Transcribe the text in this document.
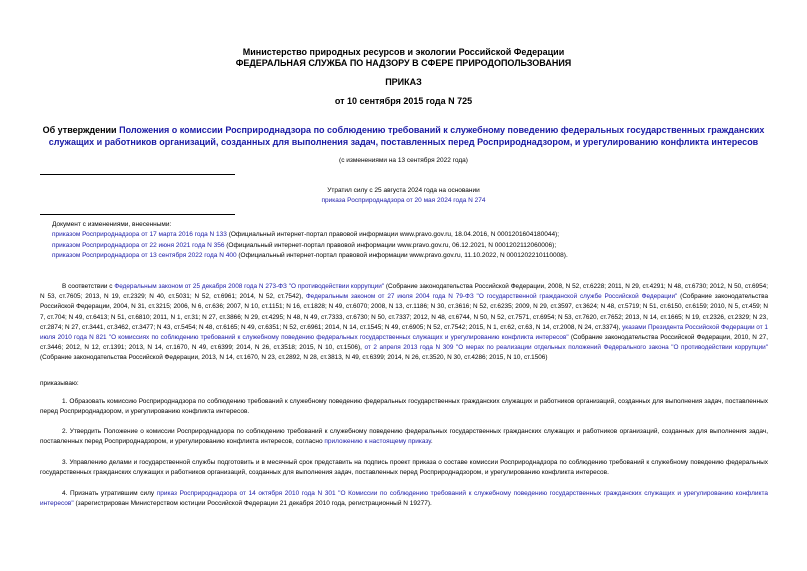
Министерство природных ресурсов и экологии Российской Федерации
ФЕДЕРАЛЬНАЯ СЛУЖБА ПО НАДЗОРУ В СФЕРЕ ПРИРОДОПОЛЬЗОВАНИЯ
ПРИКАЗ
от 10 сентября 2015 года N 725
Об утверждении Положения о комиссии Росприроднадзора по соблюдению требований к служебному поведению федеральных государственных гражданских служащих и работников организаций, созданных для выполнения задач, поставленных перед Росприроднадзором, и урегулированию конфликта интересов
(с изменениями на 13 сентября 2022 года)
Утратил силу с 25 августа 2024 года на основании
приказа Росприроднадзора от 20 мая 2024 года N 274
Документ с изменениями, внесенными:
приказом Росприроднадзора от 17 марта 2016 года N 133 (Официальный интернет-портал правовой информации www.pravo.gov.ru, 18.04.2016, N 0001201604180044);
приказом Росприроднадзора от 22 июня 2021 года N 356 (Официальный интернет-портал правовой информации www.pravo.gov.ru, 06.12.2021, N 0001202112060006);
приказом Росприроднадзора от 13 сентября 2022 года N 400 (Официальный интернет-портал правовой информации www.pravo.gov.ru, 11.10.2022, N 0001202210110008).
В соответствии с Федеральным законом от 25 декабря 2008 года N 273-ФЗ "О противодействии коррупции" (Собрание законодательства Российской Федерации, 2008, N 52, ст.6228; 2011, N 29, ст.4291; N 48, ст.6730; 2012, N 50, ст.6954; N 53, ст.7605; 2013, N 19, ст.2329; N 40, ст.5031; N 52, ст.6961; 2014, N 52, ст.7542), Федеральным законом от 27 июля 2004 года N 79-ФЗ "О государственной гражданской службе Российской Федерации" (Собрание законодательства Российской Федерации, 2004, N 31, ст.3215; 2006, N 6, ст.636; 2007, N 10, ст.1151; N 16, ст.1828; N 49, ст.6070; 2008, N 13, ст.1186; N 30, ст.3616; N 52, ст.6235; 2009, N 29, ст.3597, ст.3624; N 48, ст.5719; N 51, ст.6150, ст.6159; 2010, N 5, ст.459; N 7, ст.704; N 49, ст.6413; N 51, ст.6810; 2011, N 1, ст.31; N 27, ст.3866; N 29, ст.4295; N 48, N 49, ст.7333, ст.6730; N 50, ст.7337; 2012, N 48, ст.6744, N 50, N 52, ст.7571, ст.6954; N 53, ст.7620, ст.7652; 2013, N 14, ст.1665; N 19, ст.2326, ст.2329; N 23, ст.2874; N 27, ст.3441, ст.3462, ст.3477; N 43, ст.5454; N 48, ст.6165; N 49, ст.6351; N 52, ст.6961; 2014, N 14, ст.1545; N 49, ст.6905; N 52, ст.7542; 2015, N 1, ст.62, ст.63, N 14, ст.2008, N 24, ст.3374), указами Президента Российской Федерации от 1 июля 2010 года N 821 "О комиссиях по соблюдению требований к служебному поведению федеральных государственных служащих и урегулированию конфликта интересов" (Собрание законодательства Российской Федерации, 2010, N 27, ст.3446; 2012, N 12, ст.1391; 2013, N 14, ст.1670, N 49, ст.6399; 2014, N 26, ст.3518; 2015, N 10, ст.1506), от 2 апреля 2013 года N 309 "О мерах по реализации отдельных положений Федерального закона "О противодействии коррупции" (Собрание законодательства Российской Федерации, 2013, N 14, ст.1670, N 23, ст.2892, N 28, ст.3813, N 49, ст.6399; 2014, N 26, ст.3520, N 30, ст.4286; 2015, N 10, ст.1506)
приказываю:
1. Образовать комиссию Росприроднадзора по соблюдению требований к служебному поведению федеральных государственных гражданских служащих и работников организаций, созданных для выполнения задач, поставленных перед Росприроднадзором, и урегулированию конфликта интересов.
2. Утвердить Положение о комиссии Росприроднадзора по соблюдению требований к служебному поведению федеральных государственных гражданских служащих и работников организаций, созданных для выполнения задач, поставленных перед Росприроднадзором, и урегулированию конфликта интересов, согласно приложению к настоящему приказу.
3. Управлению делами и государственной службы подготовить и в месячный срок представить на подпись проект приказа о составе комиссии Росприроднадзора по соблюдению требований к служебному поведению федеральных государственных гражданских служащих и работников организаций, созданных для выполнения задач, поставленных перед Росприроднадзором, и урегулированию конфликта интересов.
4. Признать утратившим силу приказ Росприроднадзора от 14 октября 2010 года N 301 "О Комиссии по соблюдению требований к служебному поведению государственных гражданских служащих и урегулированию конфликта интересов" (зарегистрирован Министерством юстиции Российской Федерации 21 декабря 2010 года, регистрационный N 19277).
